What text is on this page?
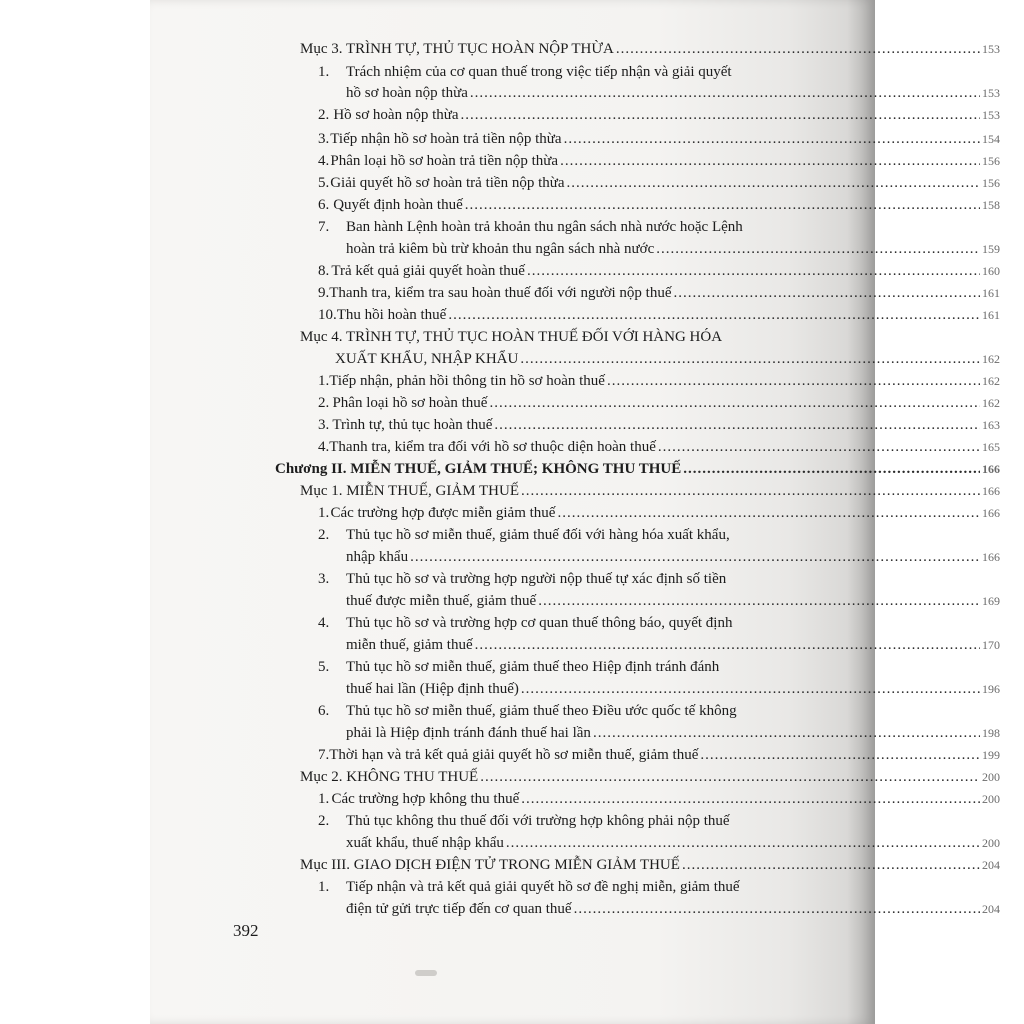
Mục 3. TRÌNH TỰ, THỦ TỤC HOÀN NỘP THỪA .....	153
1. Trách nhiệm của cơ quan thuế trong việc tiếp nhận và giải quyết
hồ sơ hoàn nộp thừa .....	153
2. Hồ sơ hoàn nộp thừa .....	153
3. Tiếp nhận hồ sơ hoàn trả tiền nộp thừa .....	154
4. Phân loại hồ sơ hoàn trả tiền nộp thừa .....	156
5. Giải quyết hồ sơ hoàn trả tiền nộp thừa .....	156
6. Quyết định hoàn thuế .....	158
7. Ban hành Lệnh hoàn trả khoản thu ngân sách nhà nước hoặc Lệnh
hoàn trả kiêm bù trừ khoản thu ngân sách nhà nước .....	159
8. Trả kết quả giải quyết hoàn thuế .....	160
9. Thanh tra, kiểm tra sau hoàn thuế đối với người nộp thuế .....	161
10. Thu hồi hoàn thuế .....	161
Mục 4. TRÌNH TỰ, THỦ TỤC HOÀN THUẾ ĐỐI VỚI HÀNG HÓA
XUẤT KHẨU, NHẬP KHẨU .....	162
1. Tiếp nhận, phản hồi thông tin hồ sơ hoàn thuế .....	162
2. Phân loại hồ sơ hoàn thuế .....	162
3. Trình tự, thủ tục hoàn thuế .....	163
4. Thanh tra, kiểm tra đối với hồ sơ thuộc diện hoàn thuế .....	165
Chương II. MIỄN THUẾ, GIẢM THUẾ; KHÔNG THU THUẾ .....	166
Mục 1. MIỄN THUẾ, GIẢM THUẾ .....	166
1. Các trường hợp được miễn giảm thuế .....	166
2. Thủ tục hồ sơ miễn thuế, giảm thuế đối với hàng hóa xuất khẩu,
nhập khẩu .....	166
3. Thủ tục hồ sơ và trường hợp người nộp thuế tự xác định số tiền
thuế được miễn thuế, giảm thuế .....	169
4. Thủ tục hồ sơ và trường hợp cơ quan thuế thông báo, quyết định
miễn thuế, giảm thuế .....	170
5. Thủ tục hồ sơ miễn thuế, giảm thuế theo Hiệp định tránh đánh
thuế hai lần (Hiệp định thuế) .....	196
6. Thủ tục hồ sơ miễn thuế, giảm thuế theo Điều ước quốc tế không
phải là Hiệp định tránh đánh thuế hai lần .....	198
7. Thời hạn và trả kết quả giải quyết hồ sơ miễn thuế, giảm thuế .....	199
Mục 2. KHÔNG THU THUẾ .....	200
1. Các trường hợp không thu thuế .....	200
2. Thủ tục không thu thuế đối với trường hợp không phải nộp thuế
xuất khẩu, thuế nhập khẩu .....	200
Mục III. GIAO DỊCH ĐIỆN TỬ TRONG MIỄN GIẢM THUẾ .....	204
1. Tiếp nhận và trả kết quả giải quyết hồ sơ đề nghị miễn, giảm thuế
điện tử gửi trực tiếp đến cơ quan thuế .....	204
392
